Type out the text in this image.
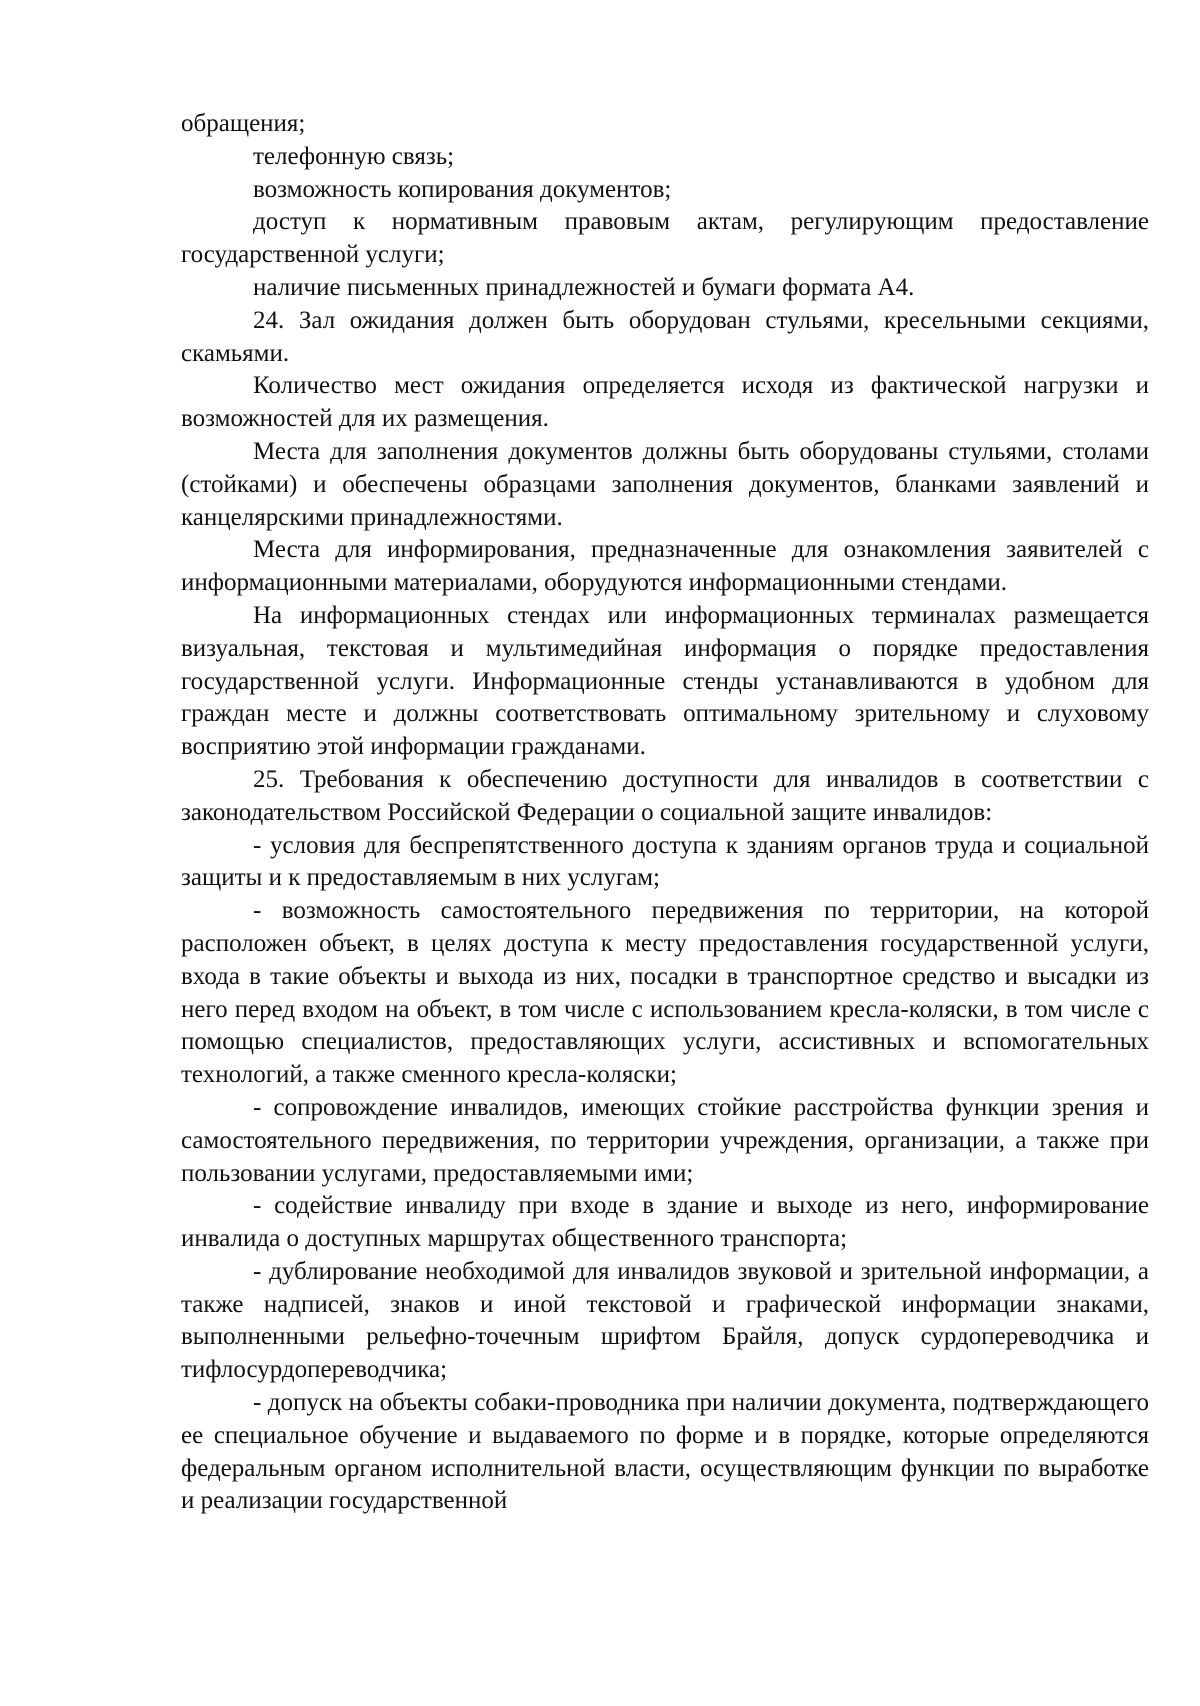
обращения;

телефонную связь;

возможность копирования документов;

доступ к нормативным правовым актам, регулирующим предоставление государственной услуги;

наличие письменных принадлежностей и бумаги формата А4.

24. Зал ожидания должен быть оборудован стульями, кресельными секциями, скамьями.

Количество мест ожидания определяется исходя из фактической нагрузки и возможностей для их размещения.

Места для заполнения документов должны быть оборудованы стульями, столами (стойками) и обеспечены образцами заполнения документов, бланками заявлений и канцелярскими принадлежностями.

Места для информирования, предназначенные для ознакомления заявителей с информационными материалами, оборудуются информационными стендами.

На информационных стендах или информационных терминалах размещается визуальная, текстовая и мультимедийная информация о порядке предоставления государственной услуги. Информационные стенды устанавливаются в удобном для граждан месте и должны соответствовать оптимальному зрительному и слуховому восприятию этой информации гражданами.

25. Требования к обеспечению доступности для инвалидов в соответствии с законодательством Российской Федерации о социальной защите инвалидов:

- условия для беспрепятственного доступа к зданиям органов труда и социальной защиты и к предоставляемым в них услугам;

- возможность самостоятельного передвижения по территории, на которой расположен объект, в целях доступа к месту предоставления государственной услуги, входа в такие объекты и выхода из них, посадки в транспортное средство и высадки из него перед входом на объект, в том числе с использованием кресла-коляски, в том числе с помощью специалистов, предоставляющих услуги, ассистивных и вспомогательных технологий, а также сменного кресла-коляски;

- сопровождение инвалидов, имеющих стойкие расстройства функции зрения и самостоятельного передвижения, по территории учреждения, организации, а также при пользовании услугами, предоставляемыми ими;

- содействие инвалиду при входе в здание и выходе из него, информирование инвалида о доступных маршрутах общественного транспорта;

- дублирование необходимой для инвалидов звуковой и зрительной информации, а также надписей, знаков и иной текстовой и графической информации знаками, выполненными рельефно-точечным шрифтом Брайля, допуск сурдопереводчика и тифлосурдопереводчика;

- допуск на объекты собаки-проводника при наличии документа, подтверждающего ее специальное обучение и выдаваемого по форме и в порядке, которые определяются федеральным органом исполнительной власти, осуществляющим функции по выработке и реализации государственной
